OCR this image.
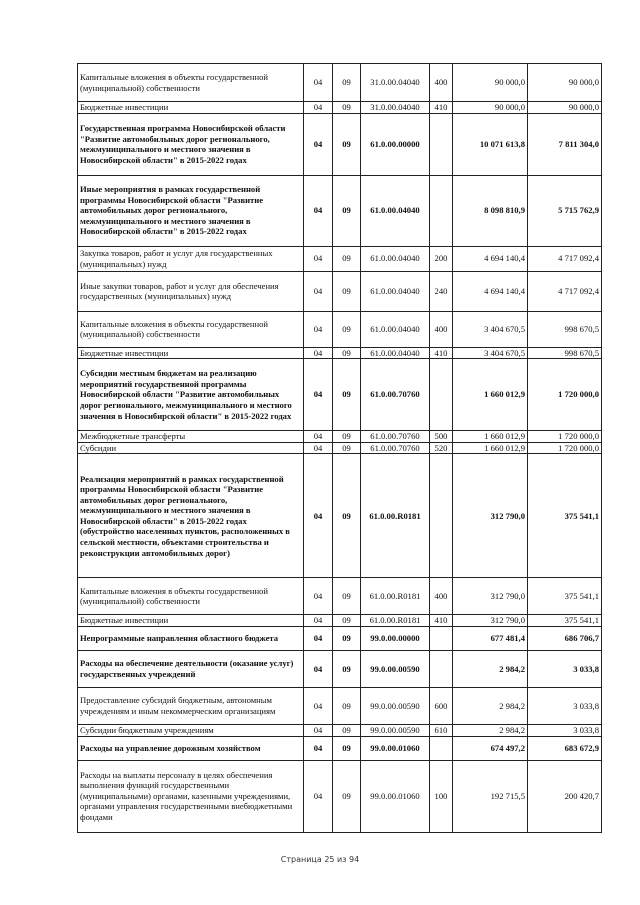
Капитальные вложения в объекты государственной (муниципальной) собственности	04	09	31.0.00.04040	400	90 000,0	90 000,0
Бюджетные инвестиции	04	09	31.0.00.04040	410	90 000,0	90 000,0
Государственная программа Новосибирской области "Развитие автомобильных дорог регионального, межмуниципального и местного значения в Новосибирской области" в 2015-2022 годах	04	09	61.0.00.00000		10 071 613,8	7 811 304,0
Иные мероприятия в рамках государственной программы Новосибирской области "Развитие автомобильных дорог регионального, межмуниципального и местного значения в Новосибирской области" в 2015-2022 годах	04	09	61.0.00.04040		8 098 810,9	5 715 762,9
Закупка товаров, работ и услуг для государственных (муниципальных) нужд	04	09	61.0.00.04040	200	4 694 140,4	4 717 092,4
Иные закупки товаров, работ и услуг для обеспечения государственных (муниципальных) нужд	04	09	61.0.00.04040	240	4 694 140,4	4 717 092,4
Капитальные вложения в объекты государственной (муниципальной) собственности	04	09	61.0.00.04040	400	3 404 670,5	998 670,5
Бюджетные инвестиции	04	09	61.0.00.04040	410	3 404 670,5	998 670,5
Субсидии местным бюджетам на реализацию мероприятий государственной программы Новосибирской области "Развитие автомобильных дорог регионального, межмуниципального и местного значения в Новосибирской области" в 2015-2022 годах	04	09	61.0.00.70760		1 660 012,9	1 720 000,0
Межбюджетные трансферты	04	09	61.0.00.70760	500	1 660 012,9	1 720 000,0
Субсидии	04	09	61.0.00.70760	520	1 660 012,9	1 720 000,0
Реализация мероприятий в рамках государственной программы Новосибирской области "Развитие автомобильных дорог регионального, межмуниципального и местного значения в Новосибирской области" в 2015-2022 годах (обустройство населенных пунктов, расположенных в сельской местности, объектами строительства и реконструкции автомобильных дорог)	04	09	61.0.00.R0181		312 790,0	375 541,1
Капитальные вложения в объекты государственной (муниципальной) собственности	04	09	61.0.00.R0181	400	312 790,0	375 541,1
Бюджетные инвестиции	04	09	61.0.00.R0181	410	312 790,0	375 541,1
Непрограммные направления областного бюджета	04	09	99.0.00.00000		677 481,4	686 706,7
Расходы на обеспечение деятельности (оказание услуг) государственных учреждений	04	09	99.0.00.00590		2 984,2	3 033,8
Предоставление субсидий бюджетным, автономным учреждениям и иным некоммерческим организациям	04	09	99.0.00.00590	600	2 984,2	3 033,8
Субсидии бюджетным учреждениям	04	09	99.0.00.00590	610	2 984,2	3 033,8
Расходы на управление дорожным хозяйством	04	09	99.0.00.01060		674 497,2	683 672,9
Расходы на выплаты персоналу в целях обеспечения выполнения функций государственными (муниципальными) органами, казенными учреждениями, органами управления государственными внебюджетными фондами	04	09	99.0.00.01060	100	192 715,5	200 420,7
Страница 25 из 94
